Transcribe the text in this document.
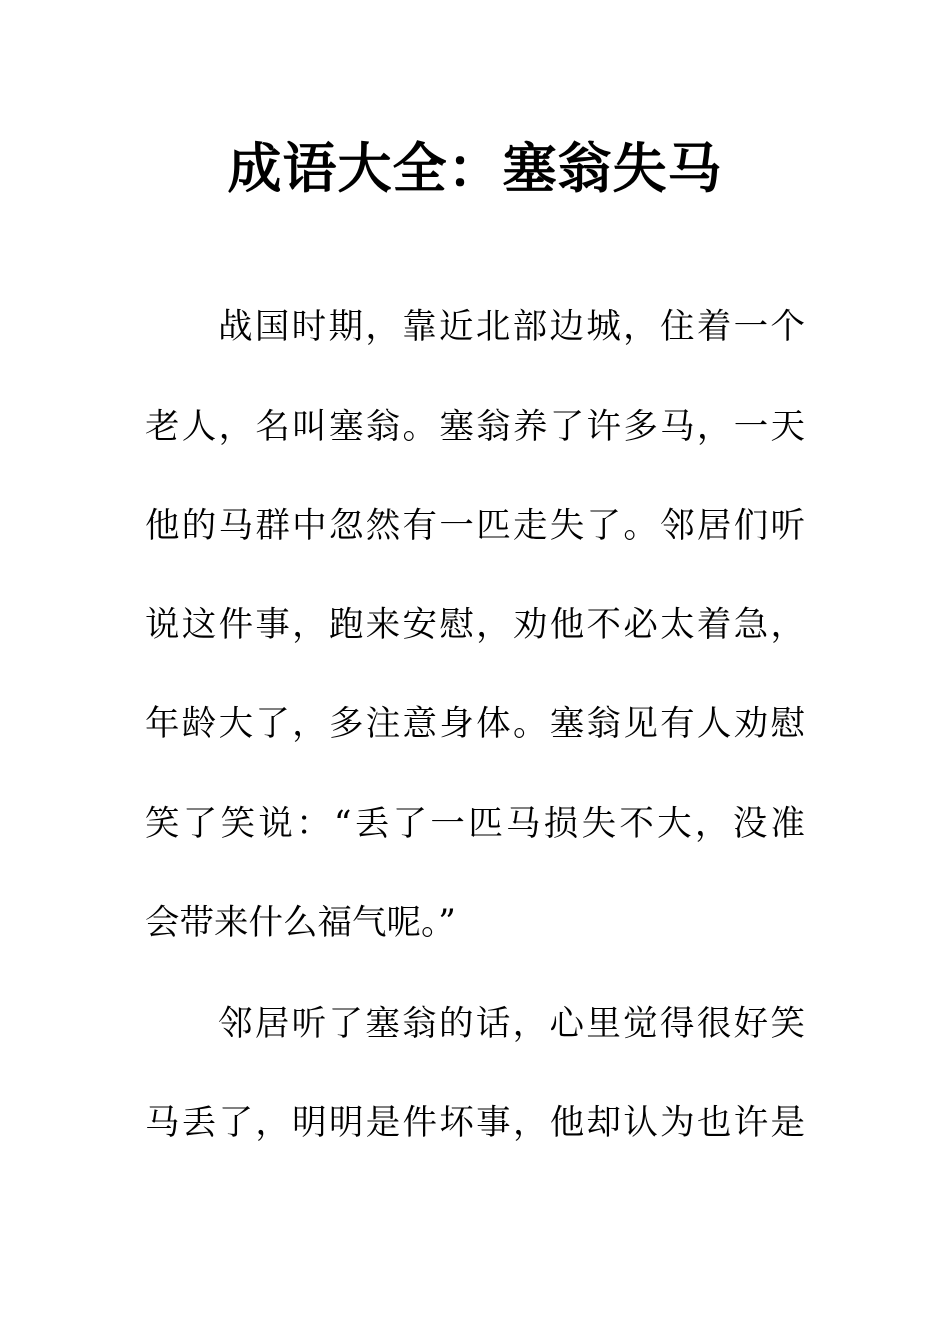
成语大全：塞翁失马
战国时期，靠近北部边城，住着一个
老人，名叫塞翁。塞翁养了许多马，一天
他的马群中忽然有一匹走失了。邻居们听
说这件事，跑来安慰，劝他不必太着急，
年龄大了，多注意身体。塞翁见有人劝慰
笑了笑说：“丢了一匹马损失不大，没准
会带来什么福气呢。”
邻居听了塞翁的话，心里觉得很好笑
马丢了，明明是件坏事，他却认为也许是
